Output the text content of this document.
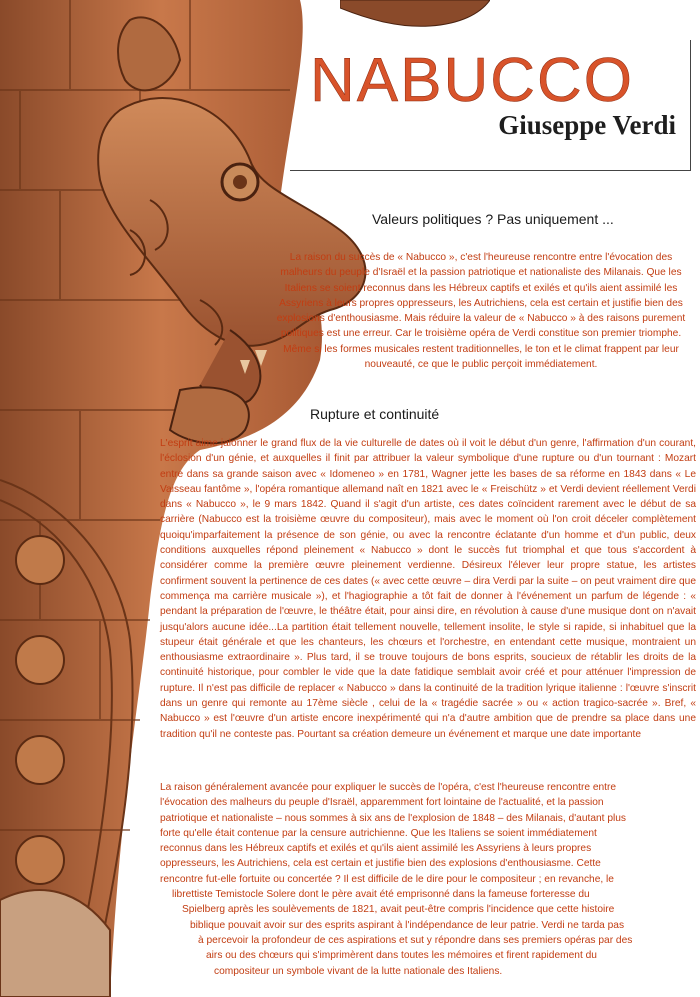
NABUCCO
Giuseppe Verdi
Valeurs politiques ? Pas uniquement ...

La raison du succès de « Nabucco », c'est l'heureuse rencontre entre l'évocation des malheurs du peuple d'Israël et la passion patriotique et nationaliste des Milanais. Que les Italiens se soient reconnus dans les Hébreux captifs et exilés et qu'ils aient assimilé les Assyriens à leurs propres oppresseurs, les Autrichiens, cela est certain et justifie bien des explosions d'enthousiasme. Mais réduire la valeur de « Nabucco » à des raisons purement politiques est une erreur. Car le troisième opéra de Verdi constitue son premier triomphe. Même si les formes musicales restent traditionnelles, le ton et le climat frappent par leur nouveauté, ce que le public perçoit immédiatement.

Rupture et continuité

L'esprit aime jalonner le grand flux de la vie culturelle de dates où il voit le début d'un genre, l'affirmation d'un courant, l'éclosion d'un génie, et auxquelles il finit par attribuer la valeur symbolique d'une rupture ou d'un tournant : Mozart entre dans sa grande saison avec « Idomeneo » en 1781, Wagner jette les bases de sa réforme en 1843 dans « Le Vaisseau fantôme », l'opéra romantique allemand naît en 1821 avec le « Freischütz » et Verdi devient réellement Verdi dans « Nabucco », le 9 mars 1842. Quand il s'agit d'un artiste, ces dates coïncident rarement avec le début de sa carrière (Nabucco est la troisième œuvre du compositeur), mais avec le moment où l'on croit déceler complètement quoiqu'imparfaitement la présence de son génie, ou avec la rencontre éclatante d'un homme et d'un public, deux conditions auxquelles répond pleinement « Nabucco » dont le succès fut triomphal et que tous s'accordent à considérer comme la première œuvre pleinement verdienne. Désireux l'élever leur propre statue, les artistes confirment souvent la pertinence de ces dates (« avec cette œuvre – dira Verdi par la suite – on peut vraiment dire que commença ma carrière musicale »), et l'hagiographie a tôt fait de donner à l'événement un parfum de légende : « pendant la préparation de l'œuvre, le théâtre était, pour ainsi dire, en révolution à cause d'une musique dont on n'avait jusqu'alors aucune idée...La partition était tellement nouvelle, tellement insolite, le style si rapide, si inhabituel que la stupeur était générale et que les chanteurs, les chœurs et l'orchestre, en entendant cette musique, montraient un enthousiasme extraordinaire ». Plus tard, il se trouve toujours de bons esprits, soucieux de rétablir les droits de la continuité historique, pour combler le vide que la date fatidique semblait avoir créé et pour atténuer l'impression de rupture. Il n'est pas difficile de replacer « Nabucco » dans la continuité de la tradition lyrique italienne : l'œuvre s'inscrit dans un genre qui remonte au 17ème siècle , celui de la « tragédie sacrée » ou « action tragico-sacrée ». Bref, « Nabucco » est l'œuvre d'un artiste encore inexpérimenté qui n'a d'autre ambition que de prendre sa place dans une tradition qu'il ne conteste pas. Pourtant sa création demeure un événement et marque une date importante

La raison généralement avancée pour expliquer le succès de l'opéra, c'est l'heureuse rencontre entre
l'évocation des malheurs du peuple d'Israël, apparemment fort lointaine de l'actualité, et la passion
patriotique et nationaliste – nous sommes à six ans de l'explosion de 1848 – des Milanais, d'autant plus
forte qu'elle était contenue par la censure autrichienne. Que les Italiens se soient immédiatement
reconnus dans les Hébreux captifs et exilés et qu'ils aient assimilé les Assyriens à leurs propres
oppresseurs, les Autrichiens, cela est certain et justifie bien des explosions d'enthousiasme. Cette
rencontre fut-elle fortuite ou concertée ? Il est difficile de le dire pour le compositeur ; en revanche, le
librettiste Temistocle Solere dont le père avait été emprisonné dans la fameuse forteresse du
Spielberg après les soulèvements de 1821, avait peut-être compris l'incidence que cette histoire
biblique pouvait avoir sur des esprits aspirant à l'indépendance de leur patrie. Verdi ne tarda pas
à percevoir la profondeur de ces aspirations et sut y répondre dans ses premiers opéras par des
airs ou des chœurs qui s'imprimèrent dans toutes les mémoires et firent rapidement du
compositeur un symbole vivant de la lutte nationale des Italiens.
